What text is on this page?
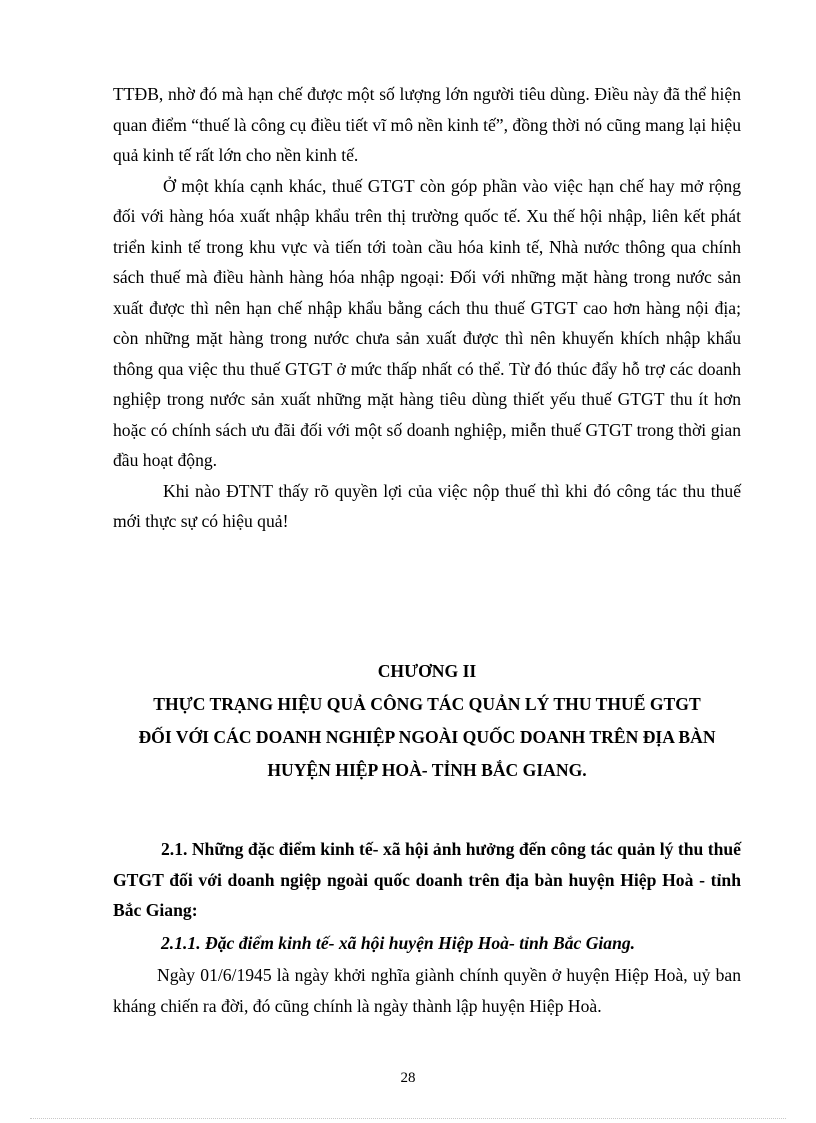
TTĐB, nhờ đó mà hạn chế được một số lượng lớn người tiêu dùng. Điều này đã thể hiện quan điểm “thuế là công cụ điều tiết vĩ mô nền kinh tế”, đồng thời nó cũng mang lại hiệu quả kinh tế rất lớn cho nền kinh tế.

Ở một khía cạnh khác, thuế GTGT còn góp phần vào việc hạn chế hay mở rộng đối với hàng hóa xuất nhập khẩu trên thị trường quốc tế. Xu thế hội nhập, liên kết phát triển kinh tế trong khu vực và tiến tới toàn cầu hóa kinh tế, Nhà nước thông qua chính sách thuế mà điều hành hàng hóa nhập ngoại: Đối với những mặt hàng trong nước sản xuất được thì nên hạn chế nhập khẩu bằng cách thu thuế GTGT cao hơn hàng nội địa; còn những mặt hàng trong nước chưa sản xuất được thì nên khuyến khích nhập khẩu thông qua việc thu thuế GTGT ở mức thấp nhất có thể. Từ đó thúc đẩy hỗ trợ các doanh nghiệp trong nước sản xuất những mặt hàng tiêu dùng thiết yếu thuế GTGT thu ít hơn hoặc có chính sách ưu đãi đối với một số doanh nghiệp, miễn thuế GTGT trong thời gian đầu hoạt động.

Khi nào ĐTNT thấy rõ quyền lợi của việc nộp thuế thì khi đó công tác thu thuế mới thực sự có hiệu quả!

CHƯƠNG II

THỰC TRẠNG HIỆU QUẢ CÔNG TÁC QUẢN LÝ THU THUẾ GTGT

ĐỐI VỚI CÁC DOANH NGHIỆP NGOÀI QUỐC DOANH TRÊN ĐỊA BÀN

HUYỆN HIỆP HOÀ- TỈNH BẮC GIANG.

2.1. Những đặc điểm kinh tế- xã hội ảnh hưởng đến công tác quản lý thu thuế GTGT đối với doanh ngiệp ngoài quốc doanh trên địa bàn huyện Hiệp Hoà - tỉnh Bắc Giang:

2.1.1. Đặc điểm kinh tế- xã hội huyện Hiệp Hoà- tỉnh Bắc Giang.

Ngày 01/6/1945 là ngày khởi nghĩa giành chính quyền ở huyện Hiệp Hoà, uỷ ban kháng chiến ra đời, đó cũng chính là ngày thành lập huyện Hiệp Hoà.

28
